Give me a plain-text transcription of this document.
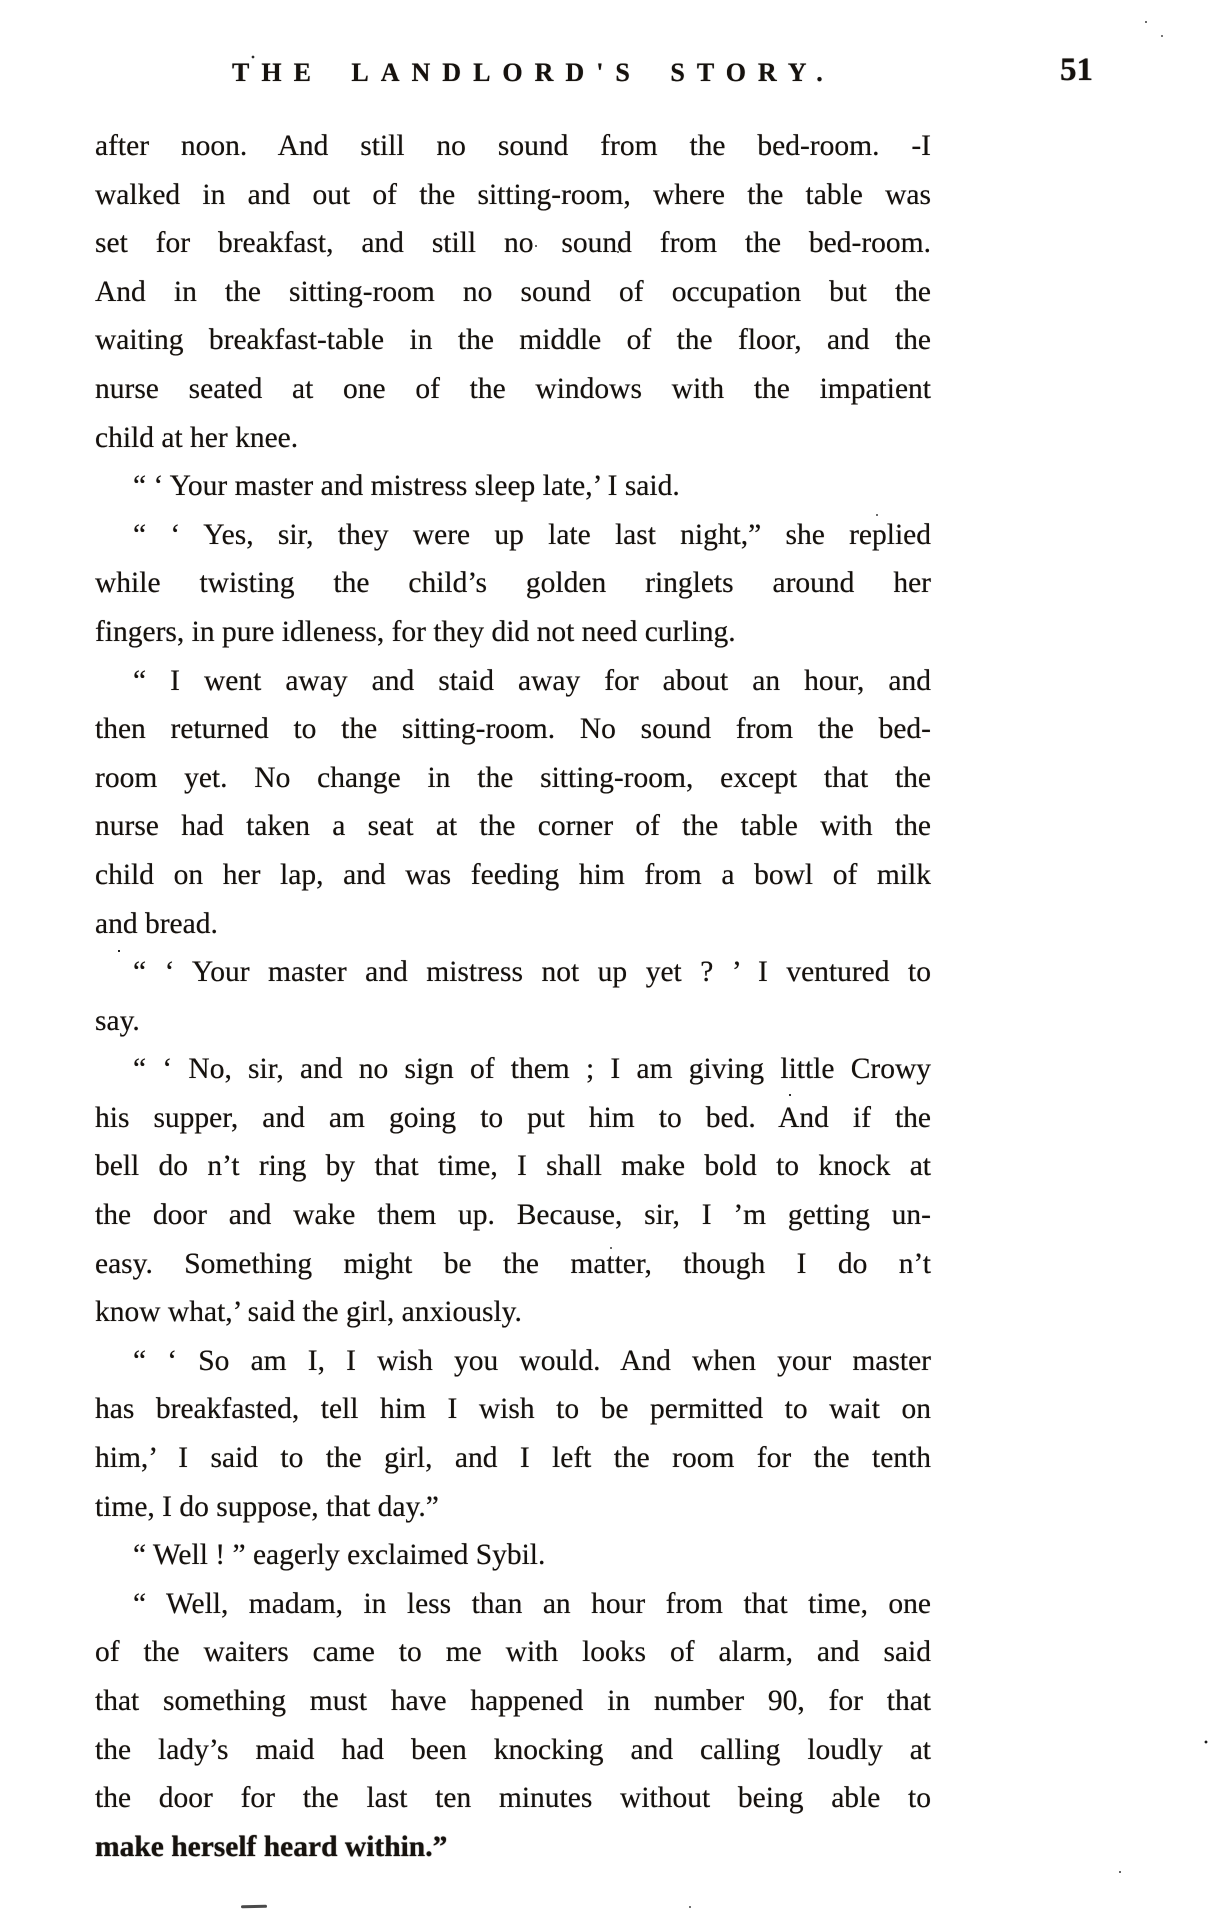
THE LANDLORD'S STORY.	51
after noon. And still no sound from the bed-room. -I
walked in and out of the sitting-room, where the table was
set for breakfast, and still no sound from the bed-room.
And in the sitting-room no sound of occupation but the
waiting breakfast-table in the middle of the floor, and the
nurse seated at one of the windows with the impatient
child at her knee.
“ ‘ Your master and mistress sleep late,’ I said.
“ ‘ Yes, sir, they were up late last night,” she replied
while twisting the child’s golden ringlets around her
fingers, in pure idleness, for they did not need curling.
“ I went away and staid away for about an hour, and
then returned to the sitting-room. No sound from the bed-
room yet. No change in the sitting-room, except that the
nurse had taken a seat at the corner of the table with the
child on her lap, and was feeding him from a bowl of milk
and bread.
“ ‘ Your master and mistress not up yet ? ’ I ventured to
say.
“ ‘ No, sir, and no sign of them ; I am giving little Crowy
his supper, and am going to put him to bed. And if the
bell do n’t ring by that time, I shall make bold to knock at
the door and wake them up. Because, sir, I ’m getting un-
easy. Something might be the matter, though I do n’t
know what,’ said the girl, anxiously.
“ ‘ So am I, I wish you would. And when your master
has breakfasted, tell him I wish to be permitted to wait on
him,’ I said to the girl, and I left the room for the tenth
time, I do suppose, that day.”
“ Well ! ” eagerly exclaimed Sybil.
“ Well, madam, in less than an hour from that time, one
of the waiters came to me with looks of alarm, and said
that something must have happened in number 90, for that
the lady’s maid had been knocking and calling loudly at
the door for the last ten minutes without being able to
make herself heard within.”
